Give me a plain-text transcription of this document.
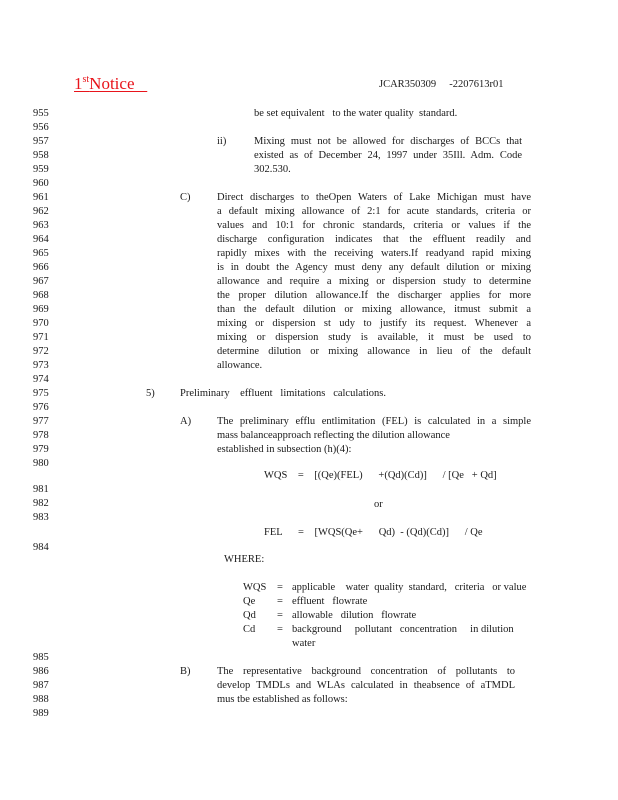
1stNotice	JCAR350309     -2207613r01
955
956
957
958
959
960
961
962
963
964
965
966
967
968
969
970
971
972
973
974
975
976
977
978
979
980
981
982
983
984
985
986
987
988
989
be set equivalent   to the water quality  standard.
ii)	Mixing must not be allowed for discharges of BCCs that
existed as of December 24, 1997 under 35Ill. Adm. Code
302.530.
C)	Direct discharges to theOpen Waters of Lake Michigan must have
a default mixing allowance of 2:1 for acute standards, criteria or
values and 10:1 for chronic standards, criteria or values if the
discharge configuration indicates that the effluent readily and
rapidly mixes with the receiving waters.If readyand rapid mixing
is in doubt the Agency must deny any default dilution or mixing
allowance and require a mixing or dispersion study to determine
the proper dilution allowance.If the discharger applies for more
than the default dilution or mixing allowance, itmust submit a
mixing or dispersion st udy to justify its request. Whenever a
mixing or dispersion study is available, it must be used to
determine dilution or mixing allowance in lieu of the default
allowance.
5) Preliminary    effluent   limitations   calculations.
A) The preliminary efflu entlimitation (FEL) is calculated in a simple
mass balanceapproach reflecting the dilution allowance
established in subsection (h)(4):
WQS    =    [(Qe)(FEL)      +(Qd)(Cd)]      / [Qe   + Qd]
or
FEL      =    [WQS(Qe+      Qd)  - (Qd)(Cd)]      / Qe
WHERE:
WQS = applicable    water  quality  standard,   criteria   or value
Qe = effluent   flowrate
Qd = allowable   dilution   flowrate
Cd = background     pollutant   concentration     in dilution
water
B)	The representative background concentration of pollutants to
develop TMDLs and WLAs calculated in theabsence of aTMDL
mus tbe established as follows:
